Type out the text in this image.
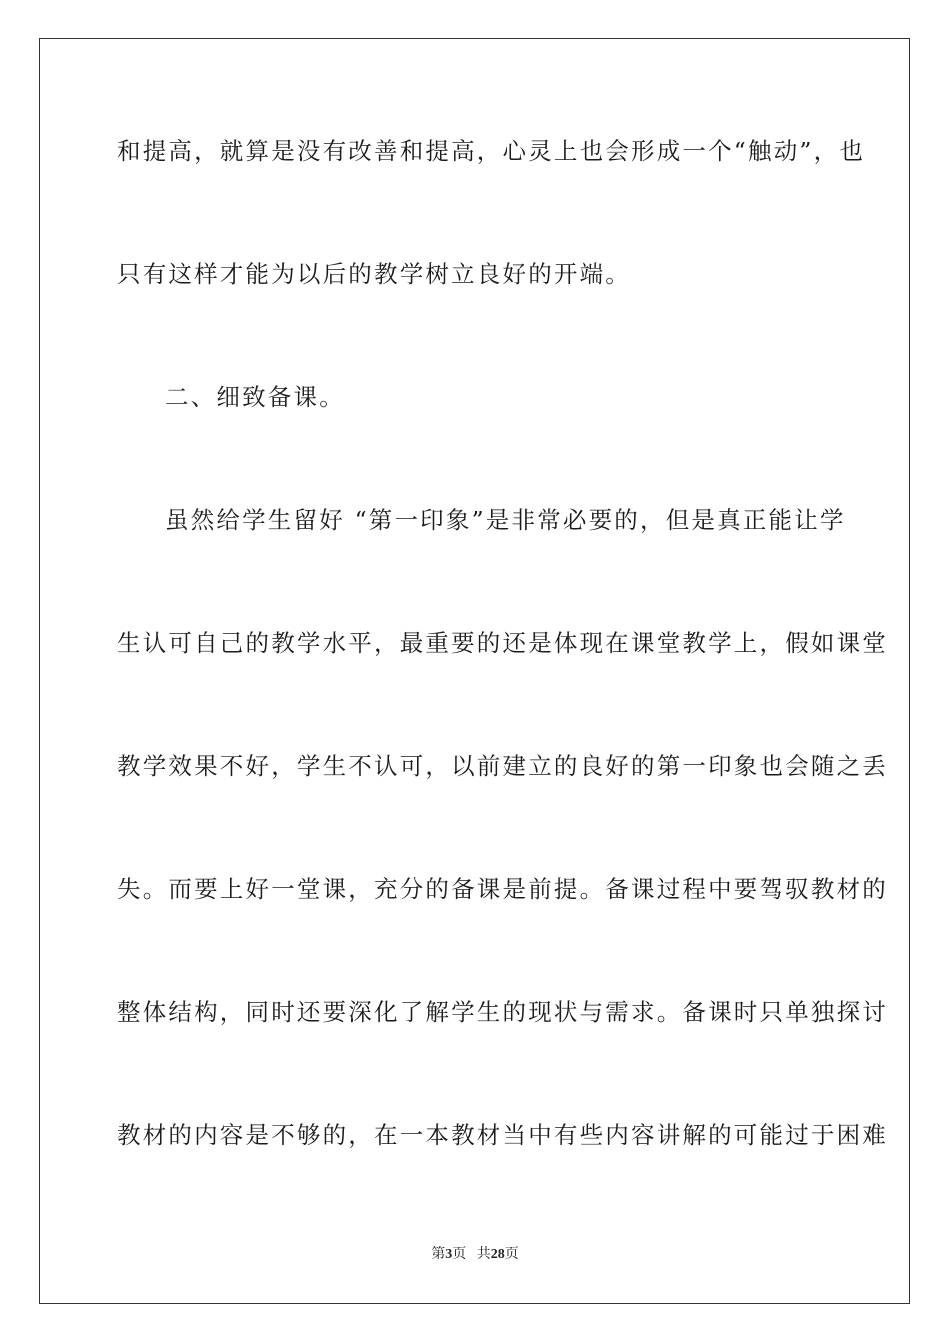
和提高，就算是没有改善和提高，心灵上也会形成一个“触动”，也
只有这样才能为以后的教学树立良好的开端。
二、细致备课。
虽然给学生留好 “第一印象”是非常必要的，但是真正能让学
生认可自己的教学水平，最重要的还是体现在课堂教学上，假如课堂
教学效果不好，学生不认可，以前建立的良好的第一印象也会随之丢
失。而要上好一堂课，充分的备课是前提。备课过程中要驾驭教材的
整体结构，同时还要深化了解学生的现状与需求。备课时只单独探讨
教材的内容是不够的，在一本教材当中有些内容讲解的可能过于困难
第3页 共28页
